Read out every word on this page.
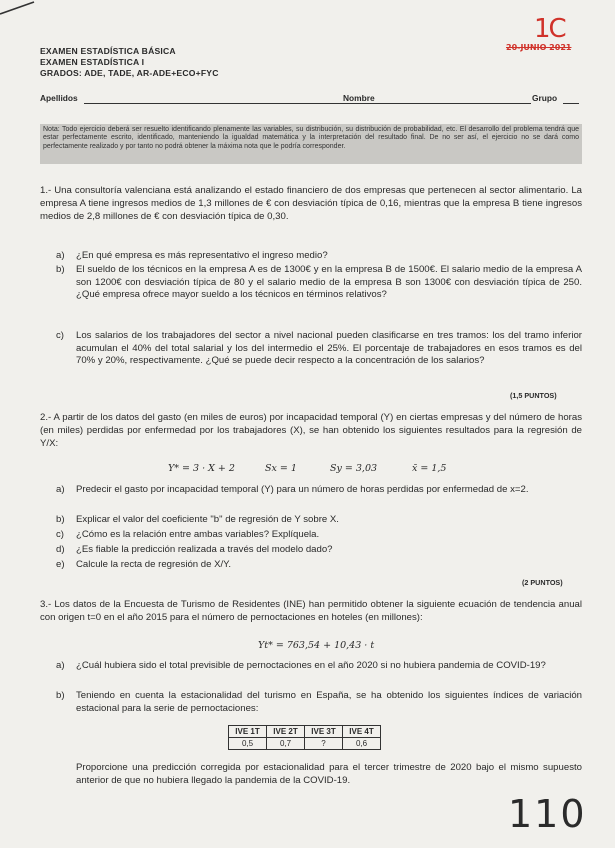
EXAMEN ESTADÍSTICA BÁSICA
EXAMEN ESTADÍSTICA I
GRADOS: ADE, TADE, AR-ADE+ECO+FYC
1C
20-JUNIO 2021
Apellidos	Nombre	Grupo
Nota: Todo ejercicio deberá ser resuelto identificando plenamente las variables, su distribución, su distribución de probabilidad, etc. El desarrollo del problema tendrá que estar perfectamente escrito, identificado, manteniendo la igualdad matemática y la interpretación del resultado final. De no ser así, el ejercicio no se dará como perfectamente realizado y por tanto no podrá obtener la máxima nota que le podría corresponder.
1.- Una consultoría valenciana está analizando el estado financiero de dos empresas que pertenecen al sector alimentario. La empresa A tiene ingresos medios de 1,3 millones de € con desviación típica de 0,16, mientras que la empresa B tiene ingresos medios de 2,8 millones de € con desviación típica de 0,30.
a) ¿En qué empresa es más representativo el ingreso medio?
b) El sueldo de los técnicos en la empresa A es de 1300€ y en la empresa B de 1500€. El salario medio de la empresa A son 1200€ con desviación típica de 80 y el salario medio de la empresa B son 1300€ con desviación típica de 250. ¿Qué empresa ofrece mayor sueldo a los técnicos en términos relativos?
c) Los salarios de los trabajadores del sector a nivel nacional pueden clasificarse en tres tramos: los del tramo inferior acumulan el 40% del total salarial y los del intermedio el 25%. El porcentaje de trabajadores en esos tramos es del 70% y 20%, respectivamente. ¿Qué se puede decir respecto a la concentración de los salarios?
(1,5 PUNTOS)
2.- A partir de los datos del gasto (en miles de euros) por incapacidad temporal (Y) en ciertas empresas y del número de horas (en miles) perdidas por enfermedad por los trabajadores (X), se han obtenido los siguientes resultados para la regresión de Y/X:
Y* = 3 · X + 2	Sx = 1	Sy = 3,03	x̄ = 1,5
a) Predecir el gasto por incapacidad temporal (Y) para un número de horas perdidas por enfermedad de x=2.
b) Explicar el valor del coeficiente "b" de regresión de Y sobre X.
c) ¿Cómo es la relación entre ambas variables? Explíquela.
d) ¿Es fiable la predicción realizada a través del modelo dado?
e) Calcule la recta de regresión de X/Y.
(2 PUNTOS)
3.- Los datos de la Encuesta de Turismo de Residentes (INE) han permitido obtener la siguiente ecuación de tendencia anual con origen t=0 en el año 2015 para el número de pernoctaciones en hoteles (en millones):
Yt* = 763,54 + 10,43 · t
a) ¿Cuál hubiera sido el total previsible de pernoctaciones en el año 2020 si no hubiera pandemia de COVID-19?
b) Teniendo en cuenta la estacionalidad del turismo en España, se ha obtenido los siguientes índices de variación estacional para la serie de pernoctaciones:
IVE 1T	IVE 2T	IVE 3T	IVE 4T
0,5	0,7	?	0,6
Proporcione una predicción corregida por estacionalidad para el tercer trimestre de 2020 bajo el mismo supuesto anterior de que no hubiera llegado la pandemia de la COVID-19.
110
